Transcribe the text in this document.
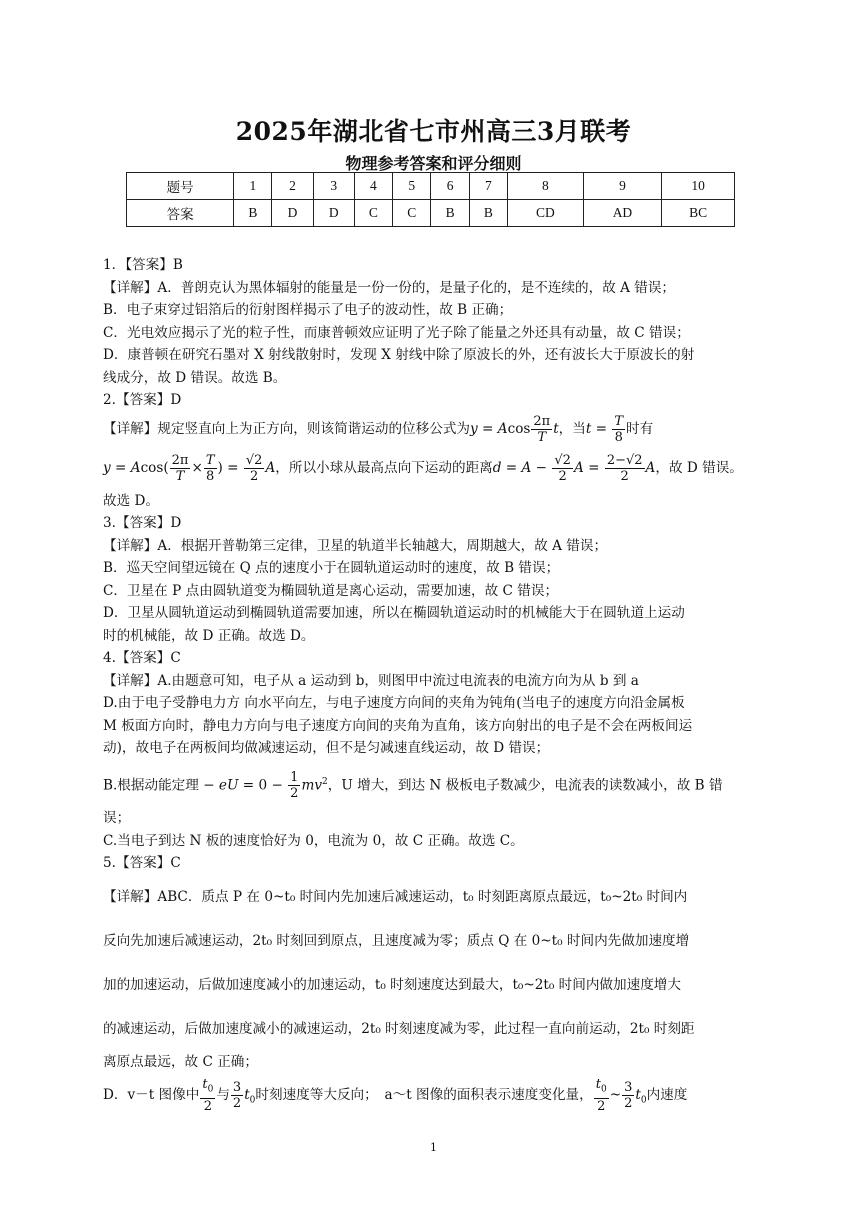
2025年湖北省七市州高三3月联考
物理参考答案和评分细则
题号	1	2	3	4	5	6	7	8	9	10
答案	B	D	D	C	C	B	B	CD	AD	BC

1．【答案】B

【详解】A．普朗克认为黑体辐射的能量是一份一份的，是量子化的，是不连续的，故 A 错误；

B．电子束穿过铝箔后的衍射图样揭示了电子的波动性，故 B 正确；

C．光电效应揭示了光的粒子性，而康普顿效应证明了光子除了能量之外还具有动量，故 C 错误；

D．康普顿在研究石墨对 X 射线散射时，发现 X 射线中除了原波长的外，还有波长大于原波长的射

线成分，故 D 错误。故选 B。

2.【答案】D

【详解】规定竖直向上为正方向，则该简谐运动的位移公式为y = Acos $\frac{2\pi}{T}$ t，当$t = \frac{T}{8}$ 时有

$y = Acos( \frac{2\pi}{T} \times \frac{T}{8}$ ) = $\frac{√2}{2}$ A，所以小球从最高点向下运动的距离$d = A - \frac{√2}{2}$ $A = \frac{2-√2}{2}$ A，故 D 错误。

故选 D。

3.【答案】D

【详解】A．根据开普勒第三定律，卫星的轨道半长轴越大，周期越大，故 A 错误；

B．巡天空间望远镜在 Q 点的速度小于在圆轨道运动时的速度，故 B 错误；

C．卫星在 P 点由圆轨道变为椭圆轨道是离心运动，需要加速，故 C 错误；

D．卫星从圆轨道运动到椭圆轨道需要加速，所以在椭圆轨道运动时的机械能大于在圆轨道上运动

时的机械能，故 D 正确。故选 D。

4.【答案】C

【详解】A.由题意可知，电子从 a 运动到 b，则图甲中流过电流表的电流方向为从 b 到 a

D.由于电子受静电力方 向水平向左，与电子速度方向间的夹角为钝角(当电子的速度方向沿金属板

M 板面方向时，静电力方向与电子速度方向间的夹角为直角，该方向射出的电子是不会在两板间运

动)，故电子在两板间均做减速运动，但不是匀减速直线运动，故 D 错误；

B.根据动能定理 − eU = $0 - \frac{1}{2} mv^2$，U 增大，到达 N 极板电子数减少，电流表的读数减小，故 B 错

误；

C.当电子到达 N 板的速度恰好为 0，电流为 0，故 C 正确。故选 C。

5.【答案】C

【详解】ABC．质点 P 在 0~t₀ 时间内先加速后减速运动，t₀ 时刻距离原点最远，t₀~2t₀ 时间内

反向先加速后减速运动，2t₀ 时刻回到原点，且速度减为零；质点 Q 在 0~t₀ 时间内先做加速度增

加的加速运动，后做加速度减小的加速运动，t₀ 时刻速度达到最大，t₀~2t₀ 时间内做加速度增大

的减速运动，后做加速度减小的减速运动，2t₀ 时刻速度减为零，此过程一直向前运动，2t₀ 时刻距

离原点最远，故 C 正确；

D．v－t 图像中 $\frac{t_0}{2}$ 与 $\frac{3}{2} t_0$时刻速度等大反向；　a～t 图像的面积表示速度变化量， $\frac{t_0}{2}$ ~ $\frac{3}{2} t_0$内速度

1
